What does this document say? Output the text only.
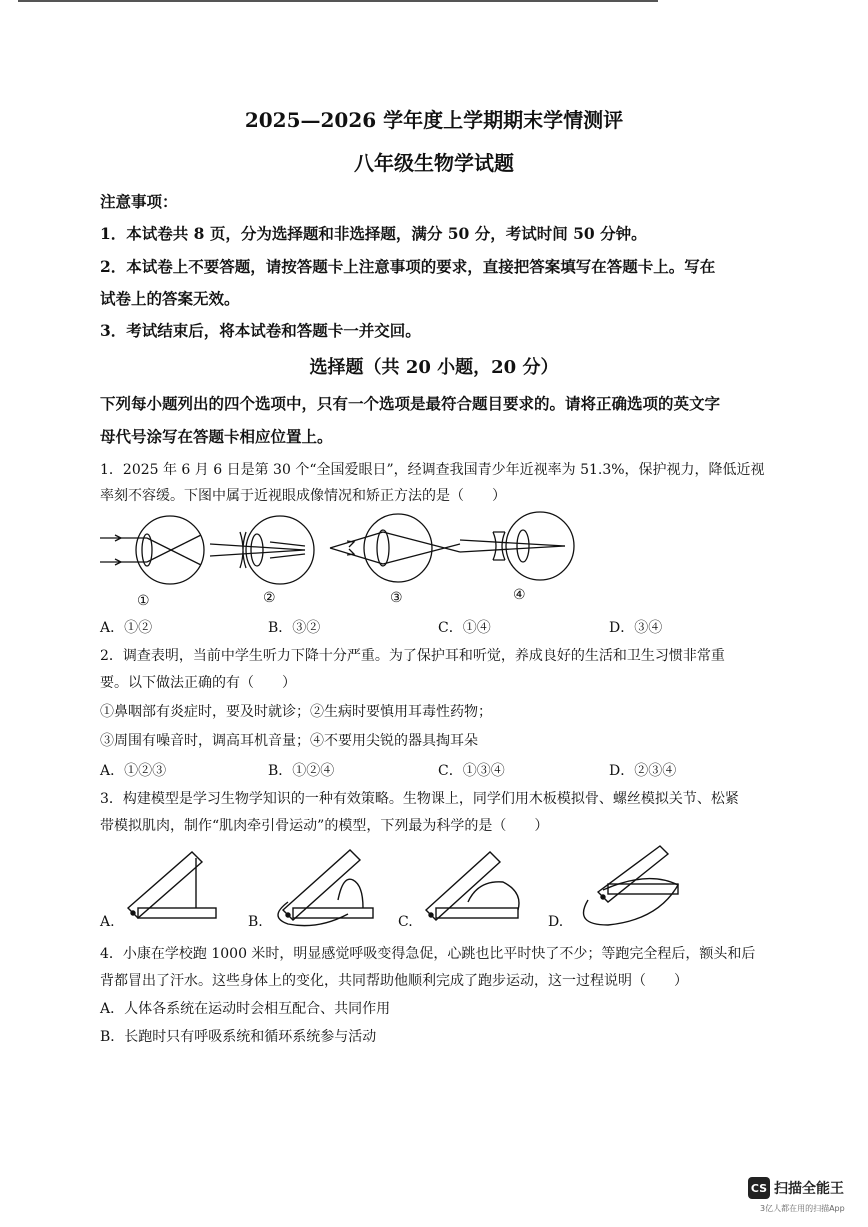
2025—2026 学年度上学期期末学情测评
八年级生物学试题
注意事项：
1．本试卷共 8 页，分为选择题和非选择题，满分 50 分，考试时间 50 分钟。
2．本试卷上不要答题，请按答题卡上注意事项的要求，直接把答案填写在答题卡上。写在
试卷上的答案无效。
3．考试结束后，将本试卷和答题卡一并交回。
选择题（共 20 小题，20 分）
下列每小题列出的四个选项中，只有一个选项是最符合题目要求的。请将正确选项的英文字
母代号涂写在答题卡相应位置上。
1．2025 年 6 月 6 日是第 30 个“全国爱眼日”，经调查我国青少年近视率为 51.3%，保护视力，降低近视
率刻不容缓。下图中属于近视眼成像情况和矫正方法的是（　　）
①	②	③	④
A．①②	B．③②	C．①④	D．③④
2．调查表明，当前中学生听力下降十分严重。为了保护耳和听觉，养成良好的生活和卫生习惯非常重
要。以下做法正确的有（　　）
①鼻咽部有炎症时，要及时就诊；②生病时要慎用耳毒性药物；
③周围有噪音时，调高耳机音量；④不要用尖锐的器具掏耳朵
A．①②③	B．①②④	C．①③④	D．②③④
3．构建模型是学习生物学知识的一种有效策略。生物课上，同学们用木板模拟骨、螺丝模拟关节、松紧
带模拟肌肉，制作“肌肉牵引骨运动”的模型，下列最为科学的是（　　）
A.	B.	C.	D.
4．小康在学校跑 1000 米时，明显感觉呼吸变得急促，心跳也比平时快了不少；等跑完全程后，额头和后
背都冒出了汗水。这些身体上的变化，共同帮助他顺利完成了跑步运动，这一过程说明（　　）
A．人体各系统在运动时会相互配合、共同作用
B．长跑时只有呼吸系统和循环系统参与活动
CS 扫描全能王
3亿人都在用的扫描App
